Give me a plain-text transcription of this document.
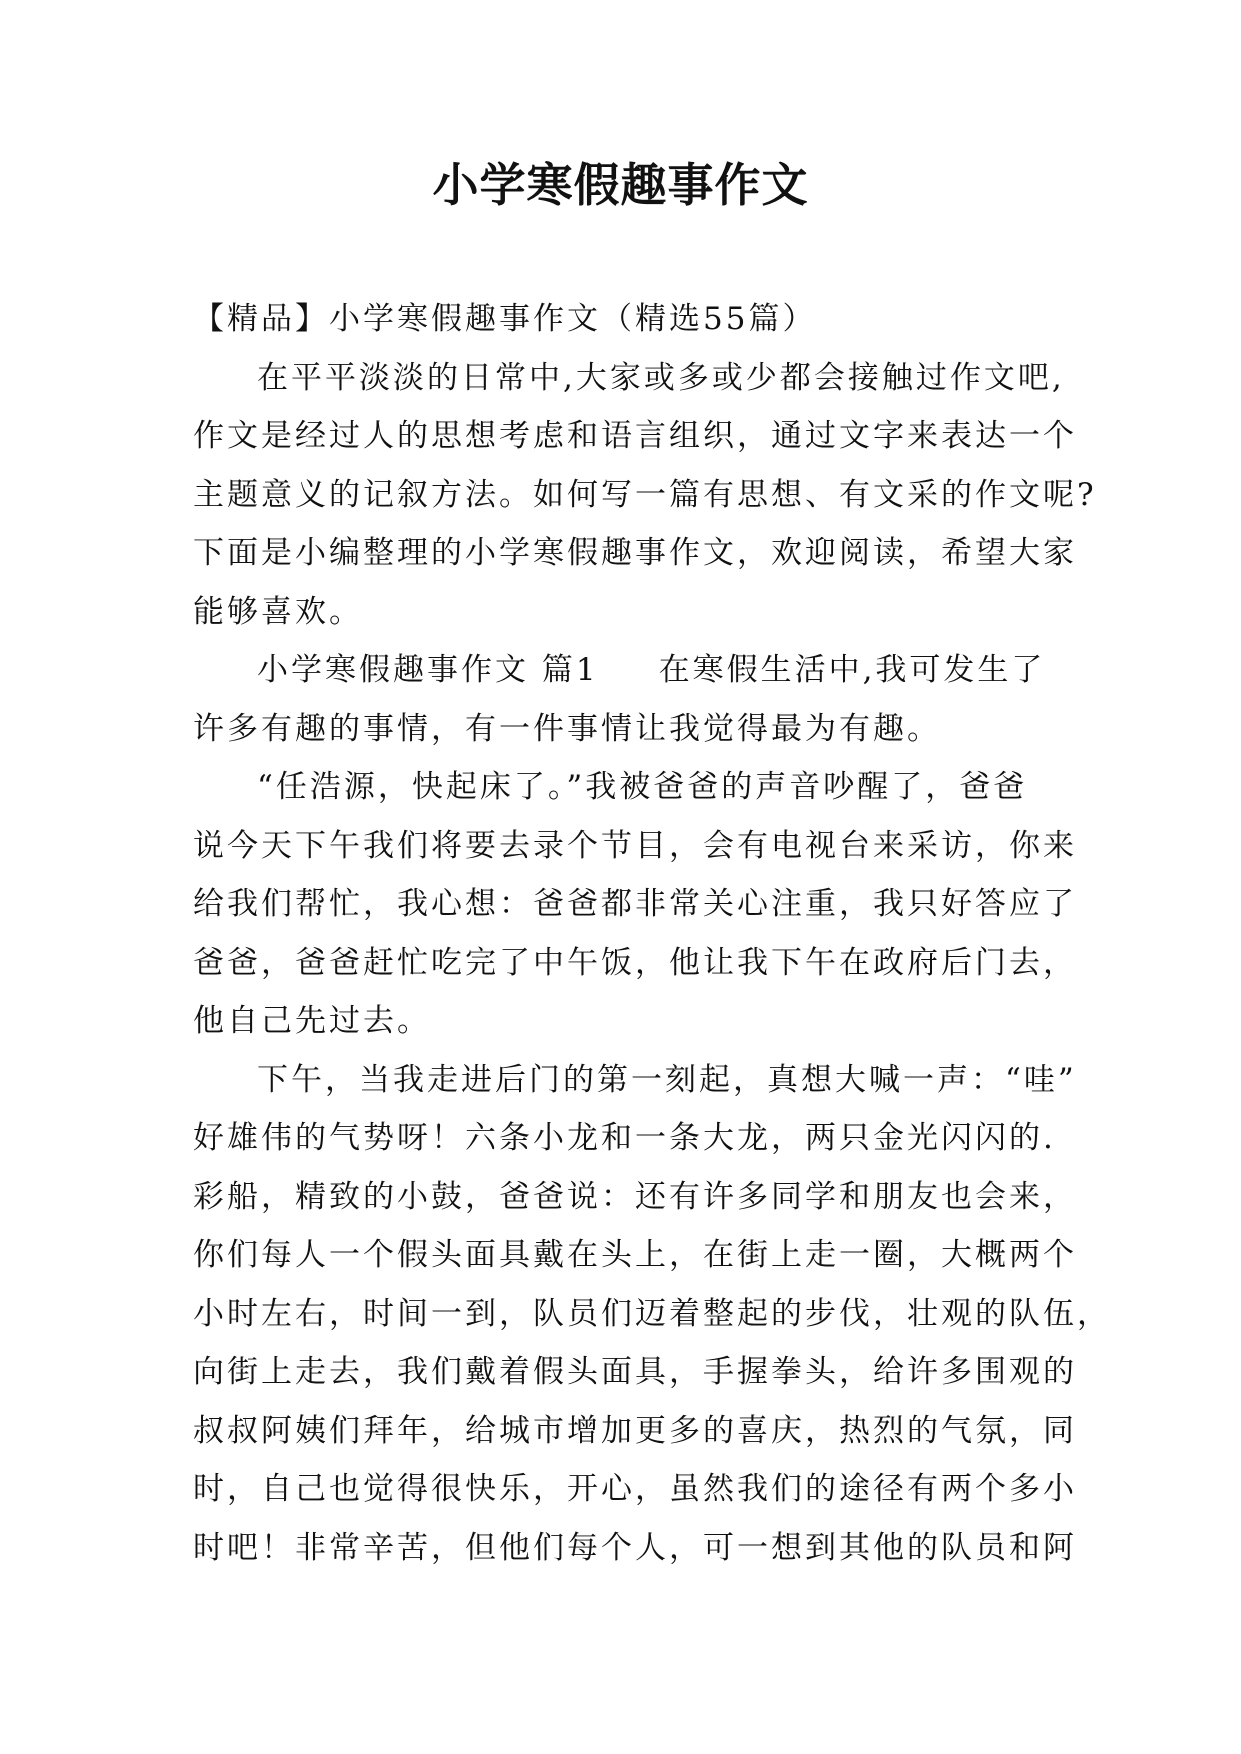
小学寒假趣事作文
【精品】小学寒假趣事作文（精选55篇）
在平平淡淡的日常中,大家或多或少都会接触过作文吧,
作文是经过人的思想考虑和语言组织，通过文字来表达一个
主题意义的记叙方法。如何写一篇有思想、有文采的作文呢?
下面是小编整理的小学寒假趣事作文，欢迎阅读，希望大家
能够喜欢。
小学寒假趣事作文 篇1 在寒假生活中,我可发生了
许多有趣的事情，有一件事情让我觉得最为有趣。
“任浩源，快起床了。”我被爸爸的声音吵醒了，爸爸
说今天下午我们将要去录个节目，会有电视台来采访，你来
给我们帮忙，我心想：爸爸都非常关心注重，我只好答应了
爸爸，爸爸赶忙吃完了中午饭，他让我下午在政府后门去，
他自己先过去。
下午，当我走进后门的第一刻起，真想大喊一声：“哇”
好雄伟的气势呀！六条小龙和一条大龙，两只金光闪闪的.
彩船，精致的小鼓，爸爸说：还有许多同学和朋友也会来，
你们每人一个假头面具戴在头上，在街上走一圈，大概两个
小时左右，时间一到，队员们迈着整起的步伐，壮观的队伍，
向街上走去，我们戴着假头面具，手握拳头，给许多围观的
叔叔阿姨们拜年，给城市增加更多的喜庆，热烈的气氛，同
时，自己也觉得很快乐，开心，虽然我们的途径有两个多小
时吧！非常辛苦，但他们每个人，可一想到其他的队员和阿
